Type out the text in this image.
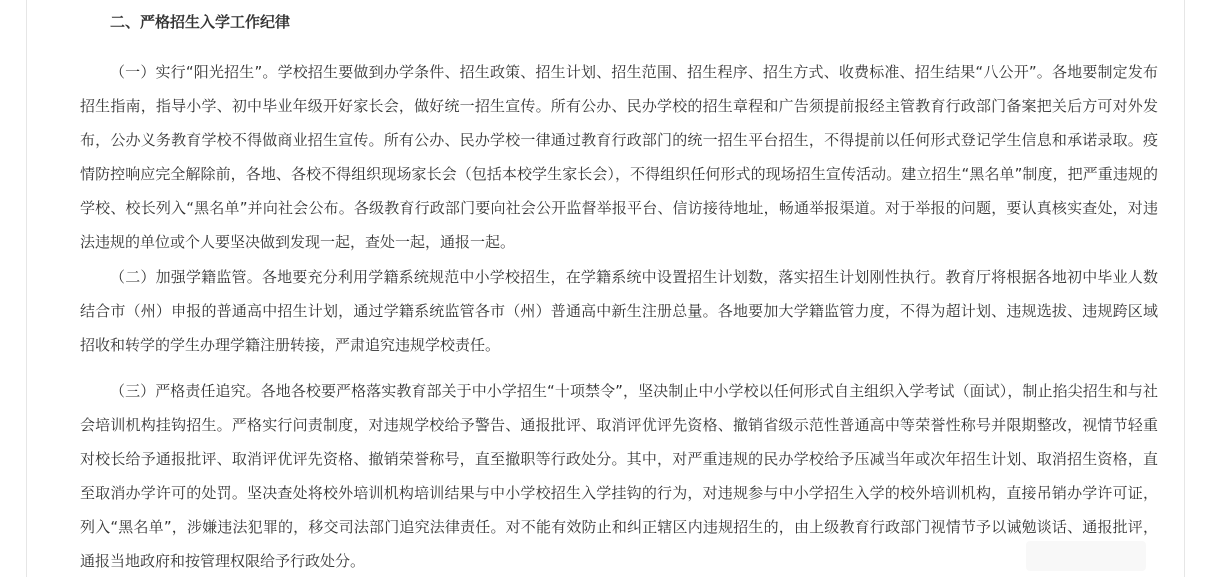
二、严格招生入学工作纪律

（一）实行“阳光招生”。学校招生要做到办学条件、招生政策、招生计划、招生范围、招生程序、招生方式、收费标准、招生结果“八公开”。各地要制定发布招生指南，指导小学、初中毕业年级开好家长会，做好统一招生宣传。所有公办、民办学校的招生章程和广告须提前报经主管教育行政部门备案把关后方可对外发布，公办义务教育学校不得做商业招生宣传。所有公办、民办学校一律通过教育行政部门的统一招生平台招生，不得提前以任何形式登记学生信息和承诺录取。疫情防控响应完全解除前，各地、各校不得组织现场家长会（包括本校学生家长会），不得组织任何形式的现场招生宣传活动。建立招生“黑名单”制度，把严重违规的学校、校长列入“黑名单”并向社会公布。各级教育行政部门要向社会公开监督举报平台、信访接待地址，畅通举报渠道。对于举报的问题，要认真核实查处，对违法违规的单位或个人要坚决做到发现一起，查处一起，通报一起。

（二）加强学籍监管。各地要充分利用学籍系统规范中小学校招生，在学籍系统中设置招生计划数，落实招生计划刚性执行。教育厅将根据各地初中毕业人数结合市（州）申报的普通高中招生计划，通过学籍系统监管各市（州）普通高中新生注册总量。各地要加大学籍监管力度，不得为超计划、违规选拔、违规跨区域招收和转学的学生办理学籍注册转接，严肃追究违规学校责任。

（三）严格责任追究。各地各校要严格落实教育部关于中小学招生“十项禁令”，坚决制止中小学校以任何形式自主组织入学考试（面试），制止掐尖招生和与社会培训机构挂钩招生。严格实行问责制度，对违规学校给予警告、通报批评、取消评优评先资格、撤销省级示范性普通高中等荣誉性称号并限期整改，视情节轻重对校长给予通报批评、取消评优评先资格、撤销荣誉称号，直至撤职等行政处分。其中，对严重违规的民办学校给予压减当年或次年招生计划、取消招生资格，直至取消办学许可的处罚。坚决查处将校外培训机构培训结果与中小学校招生入学挂钩的行为，对违规参与中小学招生入学的校外培训机构，直接吊销办学许可证，列入“黑名单”，涉嫌违法犯罪的，移交司法部门追究法律责任。对不能有效防止和纠正辖区内违规招生的，由上级教育行政部门视情节予以诫勉谈话、通报批评，通报当地政府和按管理权限给予行政处分。
